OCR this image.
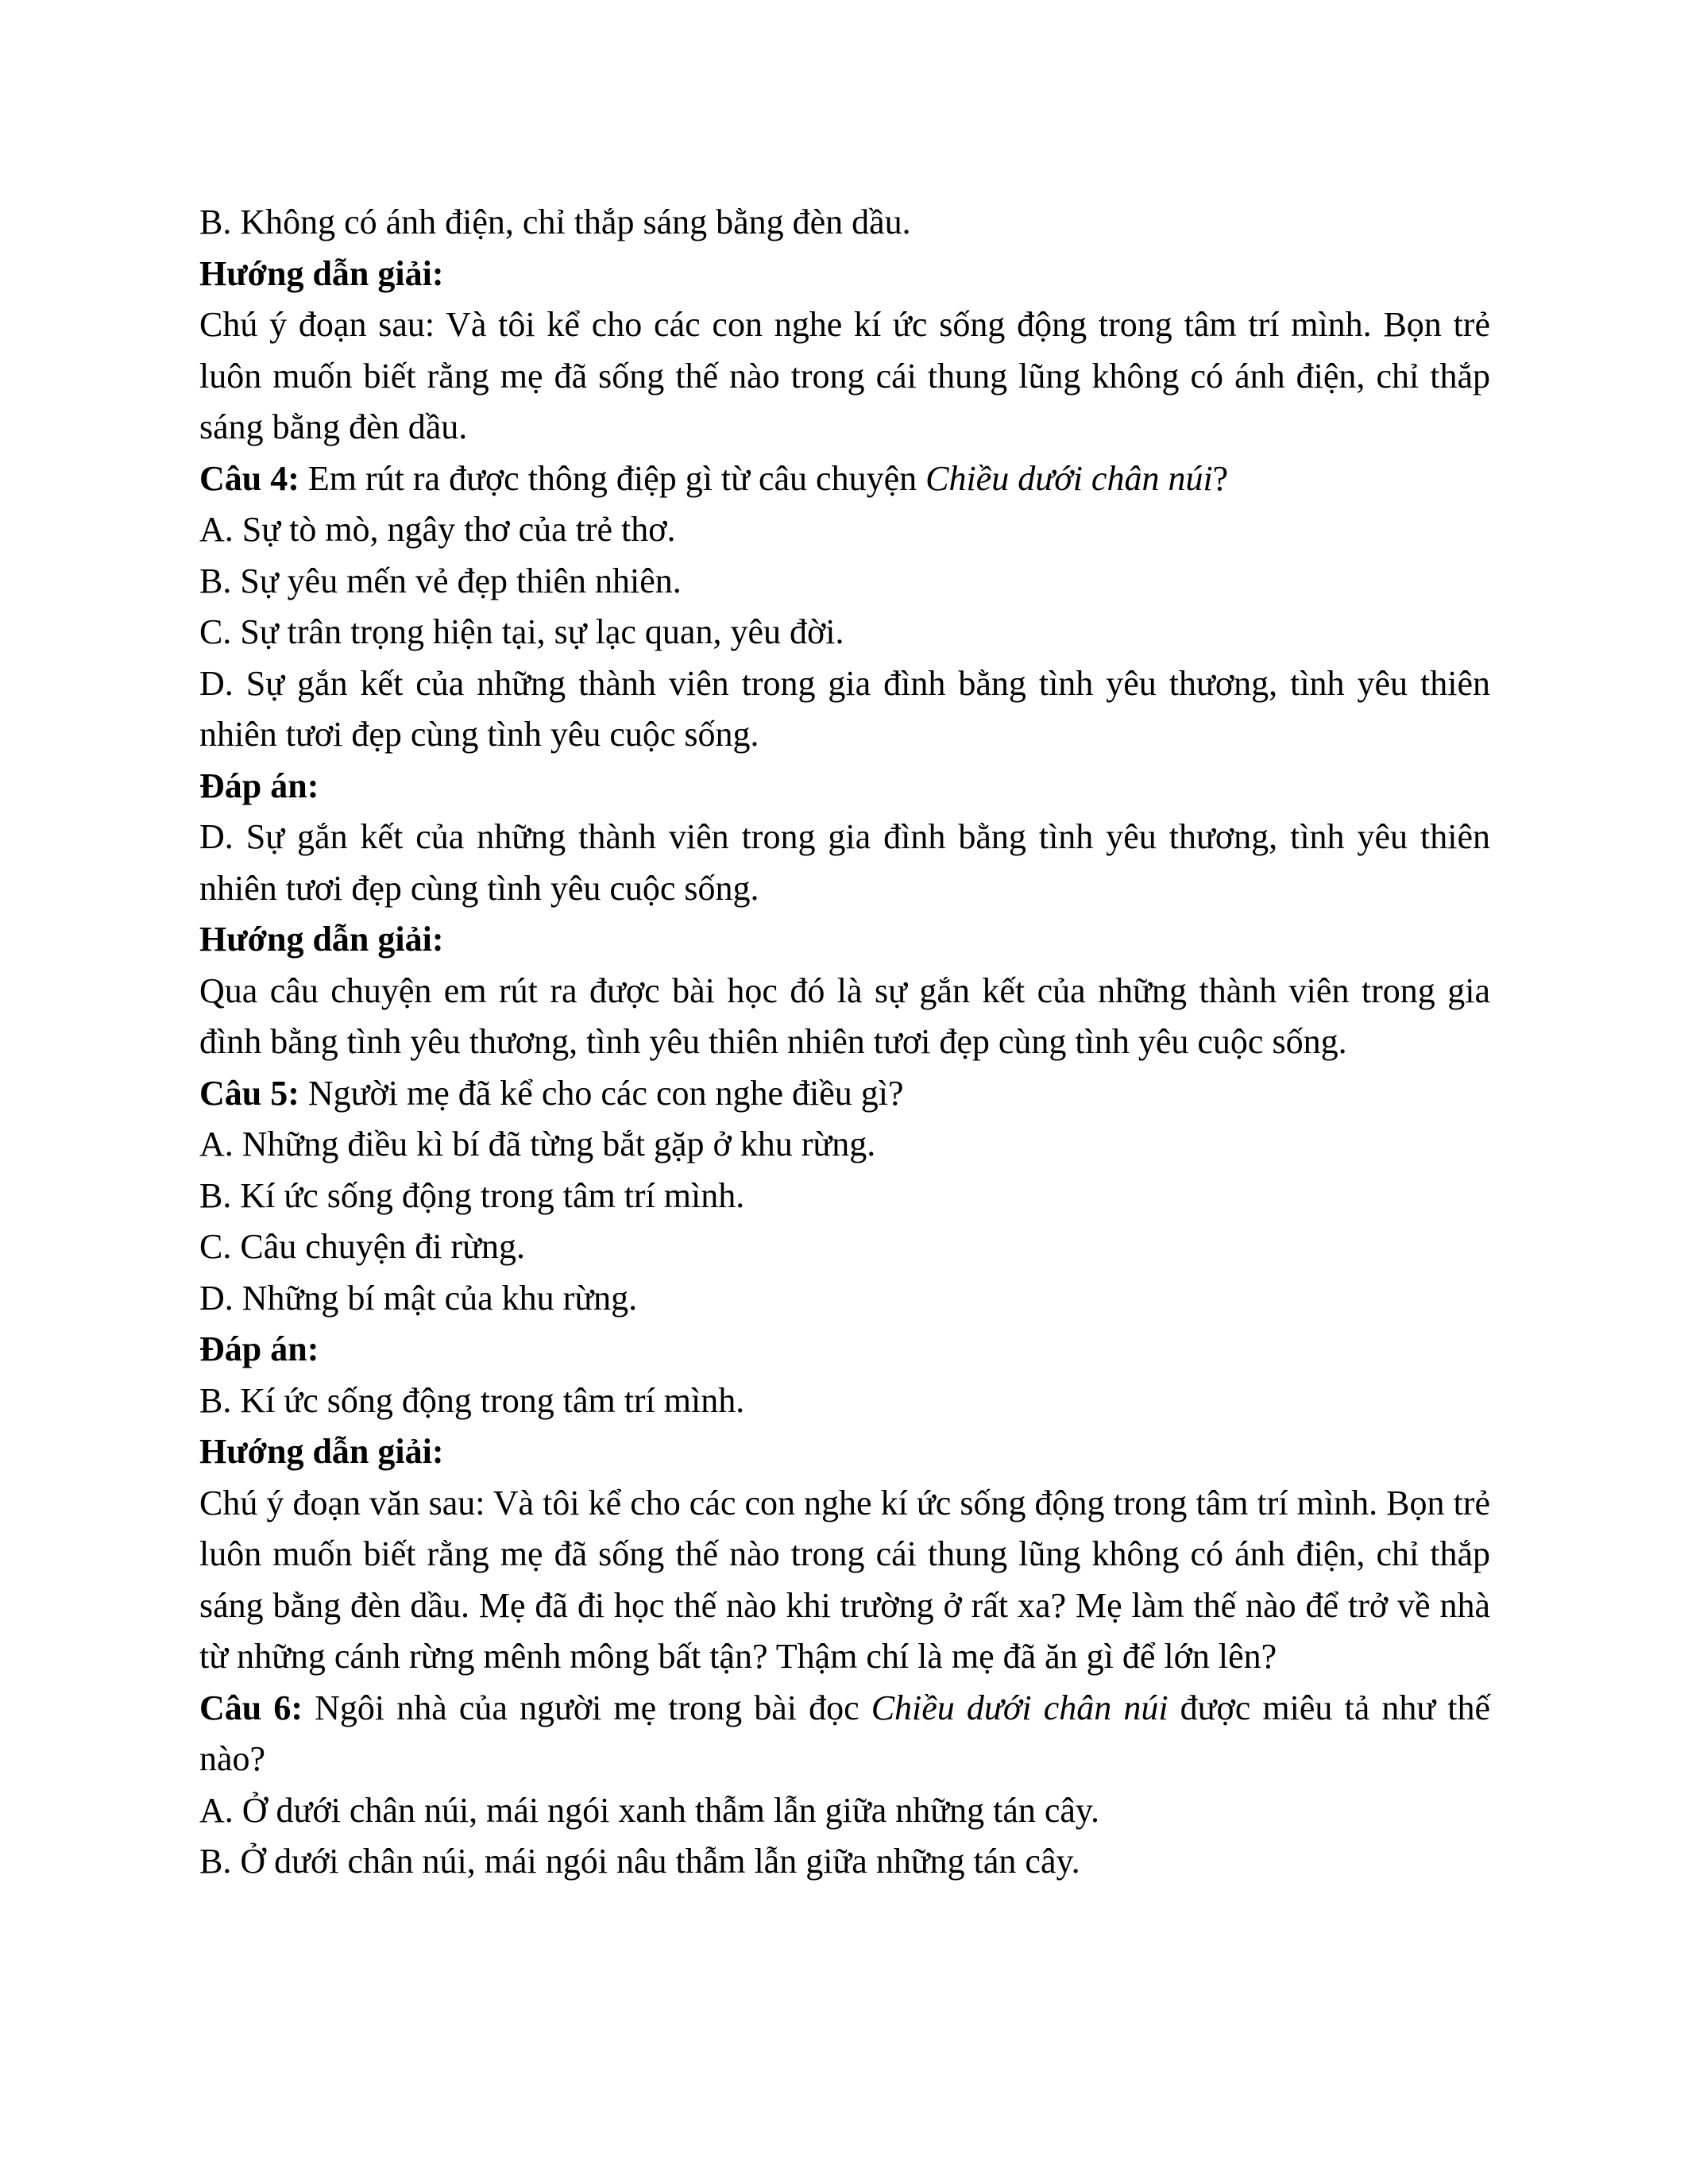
B. Không có ánh điện, chỉ thắp sáng bằng đèn dầu.

Hướng dẫn giải:

Chú ý đoạn sau: Và tôi kể cho các con nghe kí ức sống động trong tâm trí mình. Bọn trẻ luôn muốn biết rằng mẹ đã sống thế nào trong cái thung lũng không có ánh điện, chỉ thắp sáng bằng đèn dầu.

Câu 4: Em rút ra được thông điệp gì từ câu chuyện Chiều dưới chân núi?

A. Sự tò mò, ngây thơ của trẻ thơ.

B. Sự yêu mến vẻ đẹp thiên nhiên.

C. Sự trân trọng hiện tại, sự lạc quan, yêu đời.

D. Sự gắn kết của những thành viên trong gia đình bằng tình yêu thương, tình yêu thiên nhiên tươi đẹp cùng tình yêu cuộc sống.

Đáp án:

D. Sự gắn kết của những thành viên trong gia đình bằng tình yêu thương, tình yêu thiên nhiên tươi đẹp cùng tình yêu cuộc sống.

Hướng dẫn giải:

Qua câu chuyện em rút ra được bài học đó là sự gắn kết của những thành viên trong gia đình bằng tình yêu thương, tình yêu thiên nhiên tươi đẹp cùng tình yêu cuộc sống.

Câu 5: Người mẹ đã kể cho các con nghe điều gì?

A. Những điều kì bí đã từng bắt gặp ở khu rừng.

B. Kí ức sống động trong tâm trí mình.

C. Câu chuyện đi rừng.

D. Những bí mật của khu rừng.

Đáp án:

B. Kí ức sống động trong tâm trí mình.

Hướng dẫn giải:

Chú ý đoạn văn sau: Và tôi kể cho các con nghe kí ức sống động trong tâm trí mình. Bọn trẻ luôn muốn biết rằng mẹ đã sống thế nào trong cái thung lũng không có ánh điện, chỉ thắp sáng bằng đèn dầu. Mẹ đã đi học thế nào khi trường ở rất xa? Mẹ làm thế nào để trở về nhà từ những cánh rừng mênh mông bất tận? Thậm chí là mẹ đã ăn gì để lớn lên?

Câu 6: Ngôi nhà của người mẹ trong bài đọc Chiều dưới chân núi được miêu tả như thế nào?

A. Ở dưới chân núi, mái ngói xanh thẫm lẫn giữa những tán cây.

B. Ở dưới chân núi, mái ngói nâu thẫm lẫn giữa những tán cây.
